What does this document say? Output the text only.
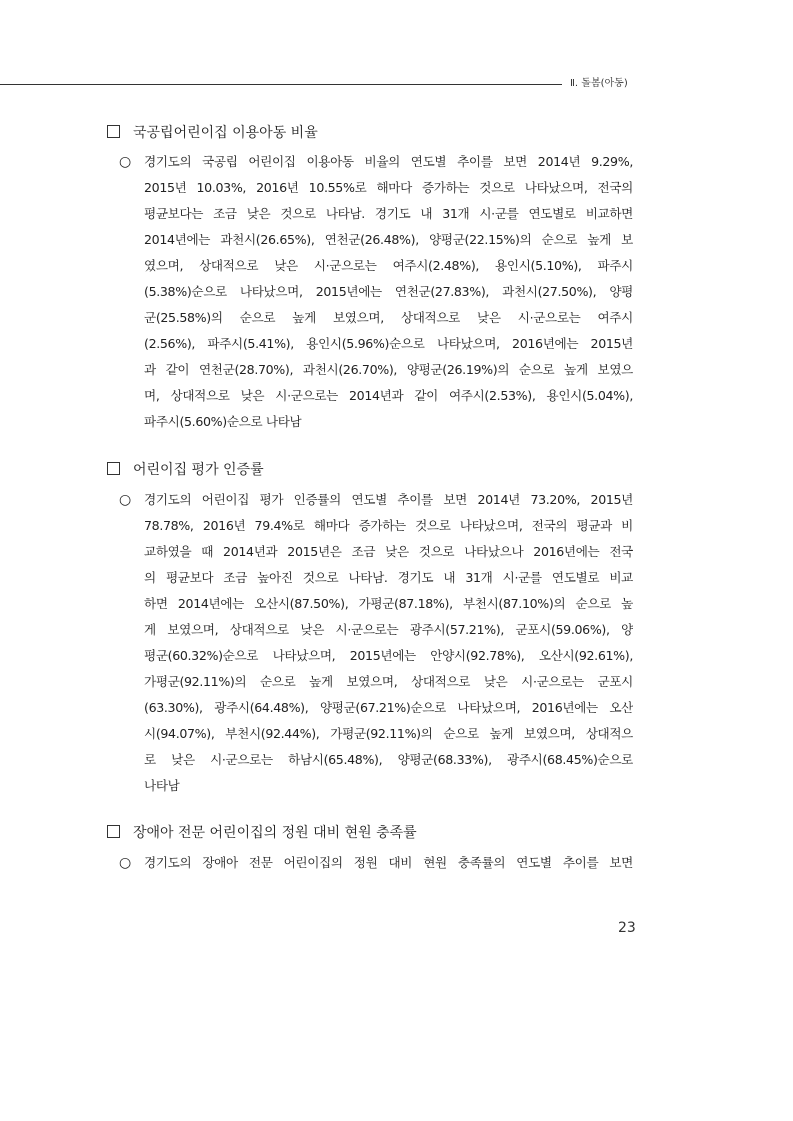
Ⅱ. 돌봄(아동)
국공립어린이집 이용아동 비율
○ 경기도의 국공립 어린이집 이용아동 비율의 연도별 추이를 보면 2014년 9.29%,
2015년 10.03%, 2016년 10.55%로 해마다 증가하는 것으로 나타났으며, 전국의
평균보다는 조금 낮은 것으로 나타남. 경기도 내 31개 시·군를 연도별로 비교하면
2014년에는 과천시(26.65%), 연천군(26.48%), 양평군(22.15%)의 순으로 높게 보
였으며, 상대적으로 낮은 시·군으로는 여주시(2.48%), 용인시(5.10%), 파주시
(5.38%)순으로 나타났으며, 2015년에는 연천군(27.83%), 과천시(27.50%), 양평
군(25.58%)의 순으로 높게 보였으며, 상대적으로 낮은 시·군으로는 여주시
(2.56%), 파주시(5.41%), 용인시(5.96%)순으로 나타났으며, 2016년에는 2015년
과 같이 연천군(28.70%), 과천시(26.70%), 양평군(26.19%)의 순으로 높게 보였으
며, 상대적으로 낮은 시·군으로는 2014년과 같이 여주시(2.53%), 용인시(5.04%),
파주시(5.60%)순으로 나타남
어린이집 평가 인증률
○ 경기도의 어린이집 평가 인증률의 연도별 추이를 보면 2014년 73.20%, 2015년
78.78%, 2016년 79.4%로 해마다 증가하는 것으로 나타났으며, 전국의 평균과 비
교하였을 때 2014년과 2015년은 조금 낮은 것으로 나타났으나 2016년에는 전국
의 평균보다 조금 높아진 것으로 나타남. 경기도 내 31개 시·군를 연도별로 비교
하면 2014년에는 오산시(87.50%), 가평군(87.18%), 부천시(87.10%)의 순으로 높
게 보였으며, 상대적으로 낮은 시·군으로는 광주시(57.21%), 군포시(59.06%), 양
평군(60.32%)순으로 나타났으며, 2015년에는 안양시(92.78%), 오산시(92.61%),
가평군(92.11%)의 순으로 높게 보였으며, 상대적으로 낮은 시·군으로는 군포시
(63.30%), 광주시(64.48%), 양평군(67.21%)순으로 나타났으며, 2016년에는 오산
시(94.07%), 부천시(92.44%), 가평군(92.11%)의 순으로 높게 보였으며, 상대적으
로 낮은 시·군으로는 하남시(65.48%), 양평군(68.33%), 광주시(68.45%)순으로
나타남
장애아 전문 어린이집의 정원 대비 현원 충족률
○ 경기도의 장애아 전문 어린이집의 정원 대비 현원 충족률의 연도별 추이를 보면
23
